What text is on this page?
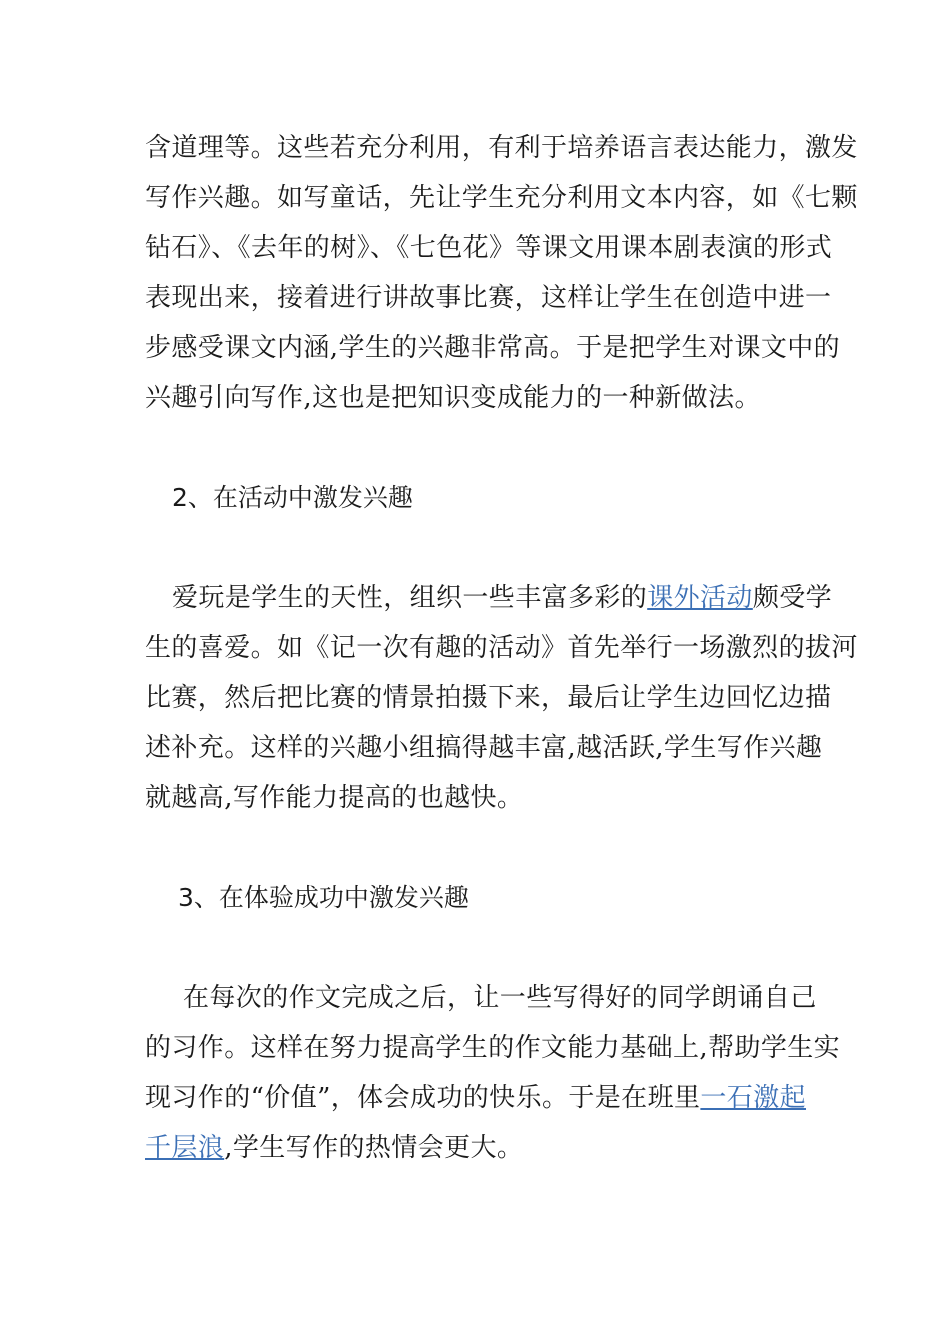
含道理等。这些若充分利用，有利于培养语言表达能力，激发
写作兴趣。如写童话，先让学生充分利用文本内容，如《七颗
钻石》、《去年的树》、《七色花》等课文用课本剧表演的形式
表现出来，接着进行讲故事比赛，这样让学生在创造中进一
步感受课文内涵,学生的兴趣非常高。于是把学生对课文中的
兴趣引向写作,这也是把知识变成能力的一种新做法。

2、在活动中激发兴趣

爱玩是学生的天性，组织一些丰富多彩的课外活动颇受学
生的喜爱。如《记一次有趣的活动》首先举行一场激烈的拔河
比赛，然后把比赛的情景拍摄下来，最后让学生边回忆边描
述补充。这样的兴趣小组搞得越丰富,越活跃,学生写作兴趣
就越高,写作能力提高的也越快。

3、在体验成功中激发兴趣

在每次的作文完成之后，让一些写得好的同学朗诵自己
的习作。这样在努力提高学生的作文能力基础上,帮助学生实
现习作的“价值”，体会成功的快乐。于是在班里一石激起
千层浪,学生写作的热情会更大。
